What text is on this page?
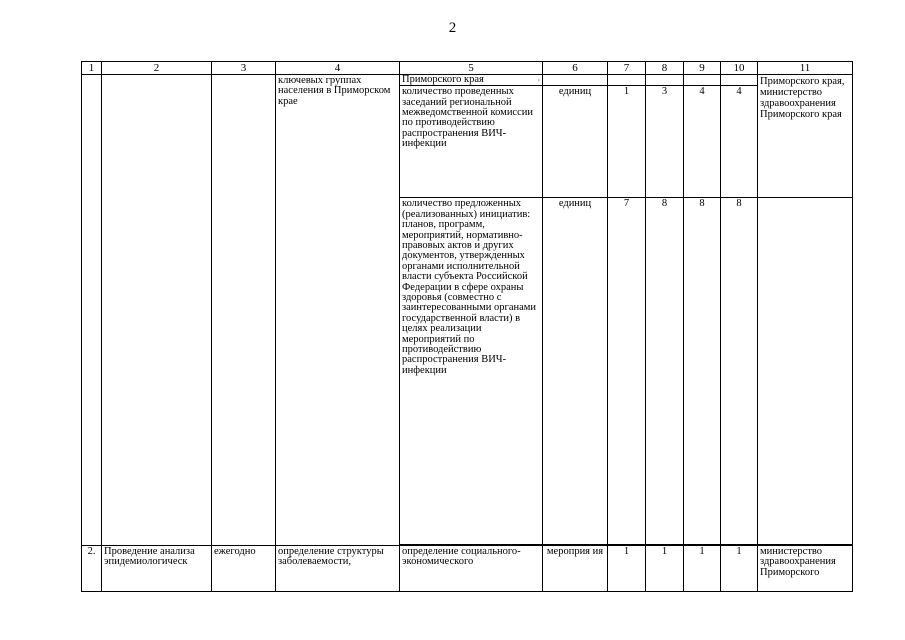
2
1	2	3	4	5	6	7	8	9	10	11
			ключевых группах населения в Приморском крае	Приморского края ›						Приморского края, министерство здравоохранения Приморского края
				количество проведенных заседаний региональной межведомственной комиссии по противодействию распространения ВИЧ-инфекции	единиц	1	3	4	4	
				количество предложенных (реализованных) инициатив: планов, программ, мероприятий, нормативно-правовых актов и других документов, утвержденных органами исполнительной власти субъекта Российской Федерации в сфере охраны здоровья (совместно с заинтересованными органами государственной власти) в целях реализации мероприятий по противодействию распространения ВИЧ-инфекции	единиц	7	8	8	8	

2.	Проведение анализа эпидемиологическ	ежегодно	определение структуры заболеваемости,	определение социального-экономического	мероприя ия	1	1	1	1	министерство здравоохранения Приморского
